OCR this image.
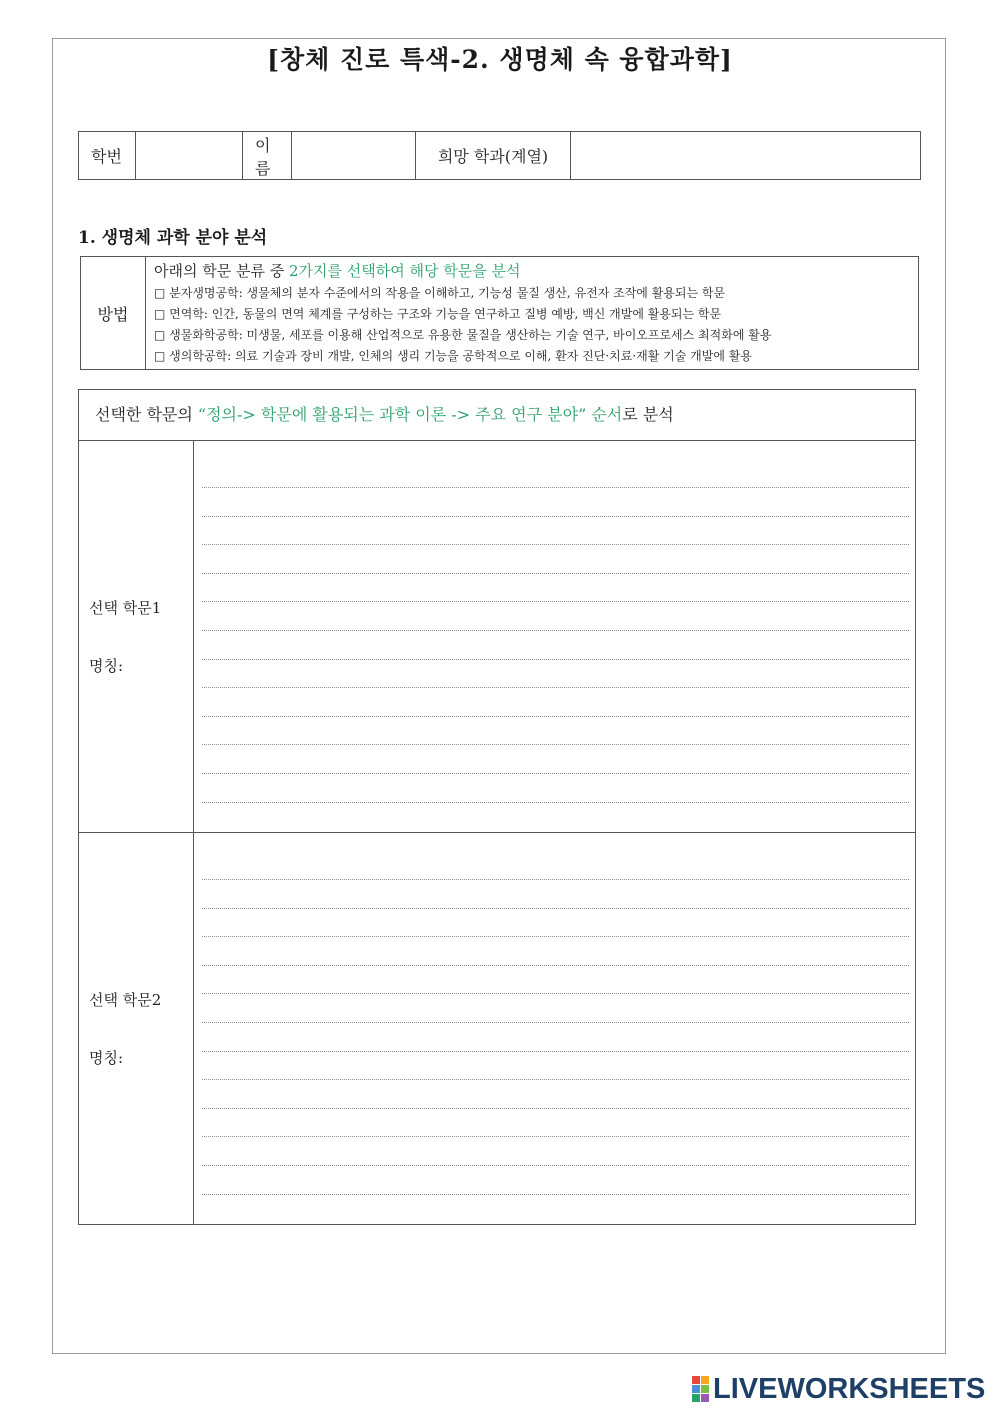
[창체 진로 특색-2. 생명체 속 융합과학]
학번		이름		희망 학과(계열)	
1. 생명체 과학 분야 분석
방법	
아래의 학문 분류 중 2가지를 선택하여 해당 학문을 분석
□ 분자생명공학: 생물체의 분자 수준에서의 작용을 이해하고, 기능성 물질 생산, 유전자 조작에 활용되는 학문
□ 면역학: 인간, 동물의 면역 체계를 구성하는 구조와 기능을 연구하고 질병 예방, 백신 개발에 활용되는 학문
□ 생물화학공학: 미생물, 세포를 이용해 산업적으로 유용한 물질을 생산하는 기술 연구, 바이오프로세스 최적화에 활용
□ 생의학공학: 의료 기술과 장비 개발, 인체의 생리 기능을 공학적으로 이해, 환자 진단·치료·재활 기술 개발에 활용
선택한 학문의 “정의-> 학문에 활용되는 과학 이론 -> 주요 연구 분야” 순서로 분석
선택 학문1
명칭:
선택 학문2
명칭:
LIVEWORKSHEETS
